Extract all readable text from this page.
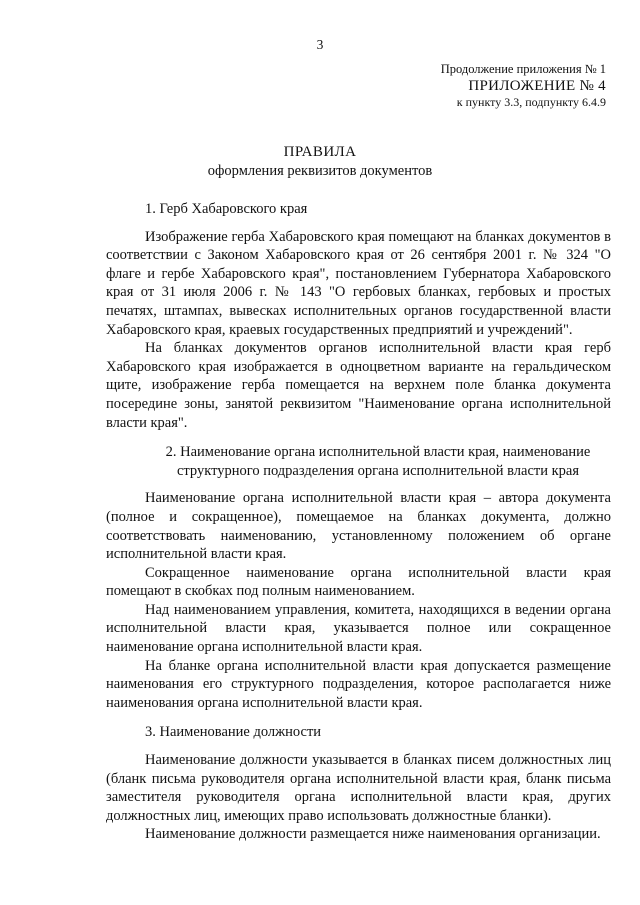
3
Продолжение приложения № 1
ПРИЛОЖЕНИЕ № 4
к пункту 3.3, подпункту 6.4.9
ПРАВИЛА
оформления реквизитов документов
1. Герб Хабаровского края

Изображение герба Хабаровского края помещают на бланках документов в соответствии с Законом Хабаровского края от 26 сентября 2001 г. № 324 "О флаге и гербе Хабаровского края", постановлением Губернатора Хабаровского края от 31 июля 2006 г. № 143 "О гербовых бланках, гербовых и простых печатях, штампах, вывесках исполнительных органов государственной власти Хабаровского края, краевых государственных предприятий и учреждений".

На бланках документов органов исполнительной власти края герб Хабаровского края изображается в одноцветном варианте на геральдическом щите, изображение герба помещается на верхнем поле бланка документа посередине зоны, занятой реквизитом "Наименование органа исполнительной власти края".

2. Наименование органа исполнительной власти края, наименование
структурного подразделения органа исполнительной власти края

Наименование органа исполнительной власти края – автора документа (полное и сокращенное), помещаемое на бланках документа, должно соответствовать наименованию, установленному положением об органе исполнительной власти края.

Сокращенное наименование органа исполнительной власти края помещают в скобках под полным наименованием.

Над наименованием управления, комитета, находящихся в ведении органа исполнительной власти края, указывается полное или сокращенное наименование органа исполнительной власти края.

На бланке органа исполнительной власти края допускается размещение наименования его структурного подразделения, которое располагается ниже наименования органа исполнительной власти края.

3. Наименование должности

Наименование должности указывается в бланках писем должностных лиц (бланк письма руководителя органа исполнительной власти края, бланк письма заместителя руководителя органа исполнительной власти края, других должностных лиц, имеющих право использовать должностные бланки).

Наименование должности размещается ниже наименования организации.
